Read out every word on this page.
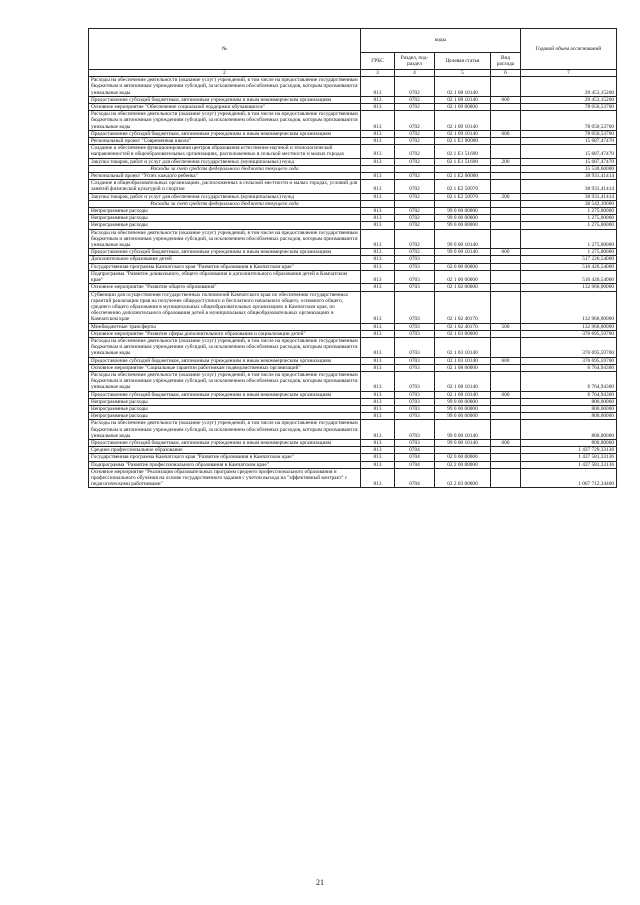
№	коды				Годовой объем ассигнований
	ГРБС	Раздел, под-раздел	Целевая статья	Вид расхода	
2	3	4	5	6	7
Расходы на обеспечение деятельности (оказание услуг) учреждений, в том числе на предоставление государственным бюджетным и автономным учреждениям субсидий, за исключением обособленных расходов, которым присваиваются уникальные коды	813	0702	02 1 08 10140		29 453,15200
Предоставление субсидий бюджетным, автономным учреждениям и иным некоммерческим организациям	813	0702	02 1 08 10140	600	29 453,15200
Основное мероприятие "Обеспечение социальной поддержки обучающихся"	813	0702	02 1 09 00000		78 050,53700
Расходы на обеспечение деятельности (оказание услуг) учреждений, в том числе на предоставление государственным бюджетным и автономным учреждениям субсидий, за исключением обособленных расходов, которым присваиваются уникальные коды	813	0702	02 1 09 10140		78 050,53700
Предоставление субсидий бюджетным, автономным учреждениям и иным некоммерческим организациям	813	0702	02 1 09 10140	600	78 050,53700
Региональный проект "Современная школа"	813	0702	02 1 E1 00000		15 687,47470
Создание и обеспечение функционирования центров образования естественно-научной и технологической направленностей в общеобразовательных организациях, расположенных в сельской местности и малых городах	813	0702	02 1 E1 51690		15 687,47470
Закупка товаров, работ и услуг для обеспечения государственных (муниципальных) нужд	813	0702	02 1 E1 51690	200	15 687,47470
Расходы за счет средств федерального бюджета текущего года					15 530,60000
Региональный проект "Успех каждого ребенка"	813	0702	02 1 E2 00000		38 931,41414
Создание в общеобразовательных организациях, расположенных в сельской местности и малых городах, условий для занятий физической культурой и спортом	813	0702	02 1 E2 50970		38 931,41414
Закупка товаров, работ и услуг для обеспечения государственных (муниципальных) нужд	813	0702	02 1 E2 50970	200	38 931,41414
Расходы за счет средств федерального бюджета текущего года					38 542,10000
Непрограммные расходы	813	0702	99 0 00 00000		1 275,00000
Непрограммные расходы	813	0702	99 0 00 00000		1 275,00000
Непрограммные расходы	813	0702	99 0 00 00000		1 275,00000
Расходы на обеспечение деятельности (оказание услуг) учреждений, в том числе на предоставление государственным бюджетным и автономным учреждениям субсидий, за исключением обособленных расходов, которым присваиваются уникальные коды	813	0702	99 0 00 10140		1 275,00000
Предоставление субсидий бюджетным, автономным учреждениям и иным некоммерческим организациям	813	0702	99 0 00 10140	600	1 275,00000
Дополнительное образование детей	813	0703			517 226,54000
Государственная программа Камчатского края "Развитие образования в Камчатском крае"	813	0703	02 0 00 00000		516 426,54000
Подпрограмма "Развитие дошкольного, общего образования и дополнительного образования детей в Камчатском крае"	813	0703	02 1 00 00000		516 426,54000
Основное мероприятие "Развитие общего образования"	813	0703	02 1 02 00000		132 966,00000
Субвенции для осуществления государственных полномочий Камчатского края по обеспечению государственных гарантий реализации прав на получение общедоступного и бесплатного начального общего, основного общего, среднего общего образования в муниципальных общеобразовательных организациях в Камчатском крае, по обеспечению дополнительного образования детей в муниципальных общеобразовательных организациях в Камчатском крае	813	0703	02 1 02 40170		132 966,00000
Межбюджетные трансферты	813	0703	02 1 02 40170	500	132 966,00000
Основное мероприятие "Развитие сферы дополнительного образования и социализации детей"	813	0703	02 1 03 00000		376 695,59700
Расходы на обеспечение деятельности (оказание услуг) учреждений, в том числе на предоставление государственным бюджетным и автономным учреждениям субсидий, за исключением обособленных расходов, которым присваиваются уникальные коды	813	0703	02 1 03 10140		376 695,59700
Предоставление субсидий бюджетным, автономным учреждениям и иным некоммерческим организациям	813	0703	02 1 03 10140	600	376 695,59700
Основное мероприятие "Социальные гарантии работникам подведомственных организаций"	813	0703	02 1 08 00000		6 764,94300
Расходы на обеспечение деятельности (оказание услуг) учреждений, в том числе на предоставление государственным бюджетным и автономным учреждениям субсидий, за исключением обособленных расходов, которым присваиваются уникальные коды	813	0703	02 1 08 10140		6 764,94300
Предоставление субсидий бюджетным, автономным учреждениям и иным некоммерческим организациям	813	0703	02 1 08 10140	600	6 764,94300
Непрограммные расходы	813	0703	99 0 00 00000		800,00000
Непрограммные расходы	813	0703	99 0 00 00000		800,00000
Непрограммные расходы	813	0703	99 0 00 00000		800,00000
Расходы на обеспечение деятельности (оказание услуг) учреждений, в том числе на предоставление государственным бюджетным и автономным учреждениям субсидий, за исключением обособленных расходов, которым присваиваются уникальные коды	813	0703	99 0 00 10140		800,00000
Предоставление субсидий бюджетным, автономным учреждениям и иным некоммерческим организациям	813	0703	99 0 00 10140	600	800,00000
Среднее профессиональное образование	813	0704			1 437 729,33136
Государственная программа Камчатского края "Развитие образования в Камчатском крае"	813	0704	02 0 00 00000		1 437 581,33136
Подпрограмма "Развитие профессионального образования в Камчатском крае"	813	0704	02 2 00 00000		1 437 581,33136
Основное мероприятие "Реализация образовательных программ среднего профессионального образования и профессионального обучения на основе государственного задания с учетом выхода на "эффективный контракт" с педагогическими работниками"	813	0704	02 2 03 00000		1 067 712,34400
21
